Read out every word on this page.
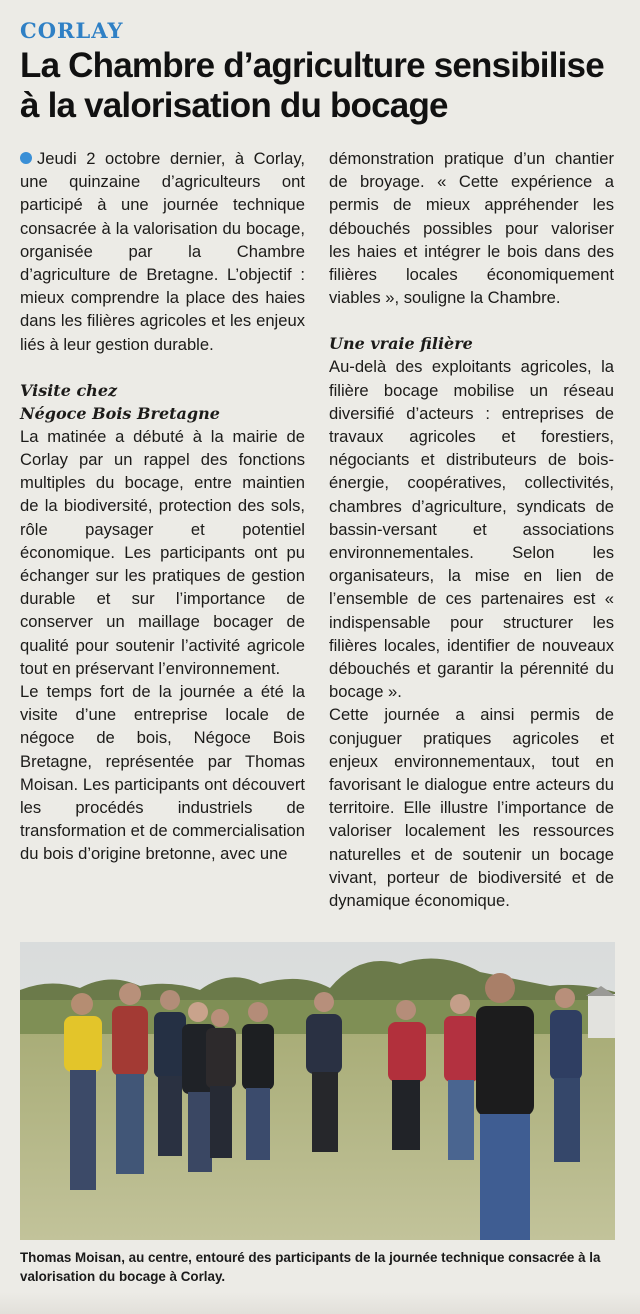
CORLAY
La Chambre d’agriculture sensibilise
à la valorisation du bocage

Jeudi 2 octobre dernier, à Corlay, une quinzaine d’agriculteurs ont participé à une journée technique consacrée à la valorisation du bocage, organisée par la Chambre d’agriculture de Bretagne. L’objectif : mieux comprendre la place des haies dans les filières agricoles et les enjeux liés à leur gestion durable.

Visite chez

Négoce Bois Bretagne

La matinée a débuté à la mairie de Corlay par un rappel des fonctions multiples du bocage, entre maintien de la biodiversité, protection des sols, rôle paysager et potentiel économique. Les participants ont pu échanger sur les pratiques de gestion durable et sur l’importance de conserver un maillage bocager de qualité pour soutenir l’activité agricole tout en préservant l’environnement.

Le temps fort de la journée a été la visite d’une entreprise locale de négoce de bois, Négoce Bois Bretagne, représentée par Thomas Moisan. Les participants ont découvert les procédés industriels de transformation et de commercialisation du bois d’origine bretonne, avec une

démonstration pratique d’un chantier de broyage. « Cette expérience a permis de mieux appréhender les débouchés possibles pour valoriser les haies et intégrer le bois dans des filières locales économiquement viables », souligne la Chambre.

Une vraie filière

Au-delà des exploitants agricoles, la filière bocage mobilise un réseau diversifié d’acteurs : entreprises de travaux agricoles et forestiers, négociants et distributeurs de bois-énergie, coopératives, collectivités, chambres d’agriculture, syndicats de bassin-versant et associations environnementales. Selon les organisateurs, la mise en lien de l’ensemble de ces partenaires est « indispensable pour structurer les filières locales, identifier de nouveaux débouchés et garantir la pérennité du bocage ».

Cette journée a ainsi permis de conjuguer pratiques agricoles et enjeux environnementaux, tout en favorisant le dialogue entre acteurs du territoire. Elle illustre l’importance de valoriser localement les ressources naturelles et de soutenir un bocage vivant, porteur de biodiversité et de dynamique économique.

Thomas Moisan, au centre, entouré des participants de la journée technique consacrée à la valorisation du bocage à Corlay.
